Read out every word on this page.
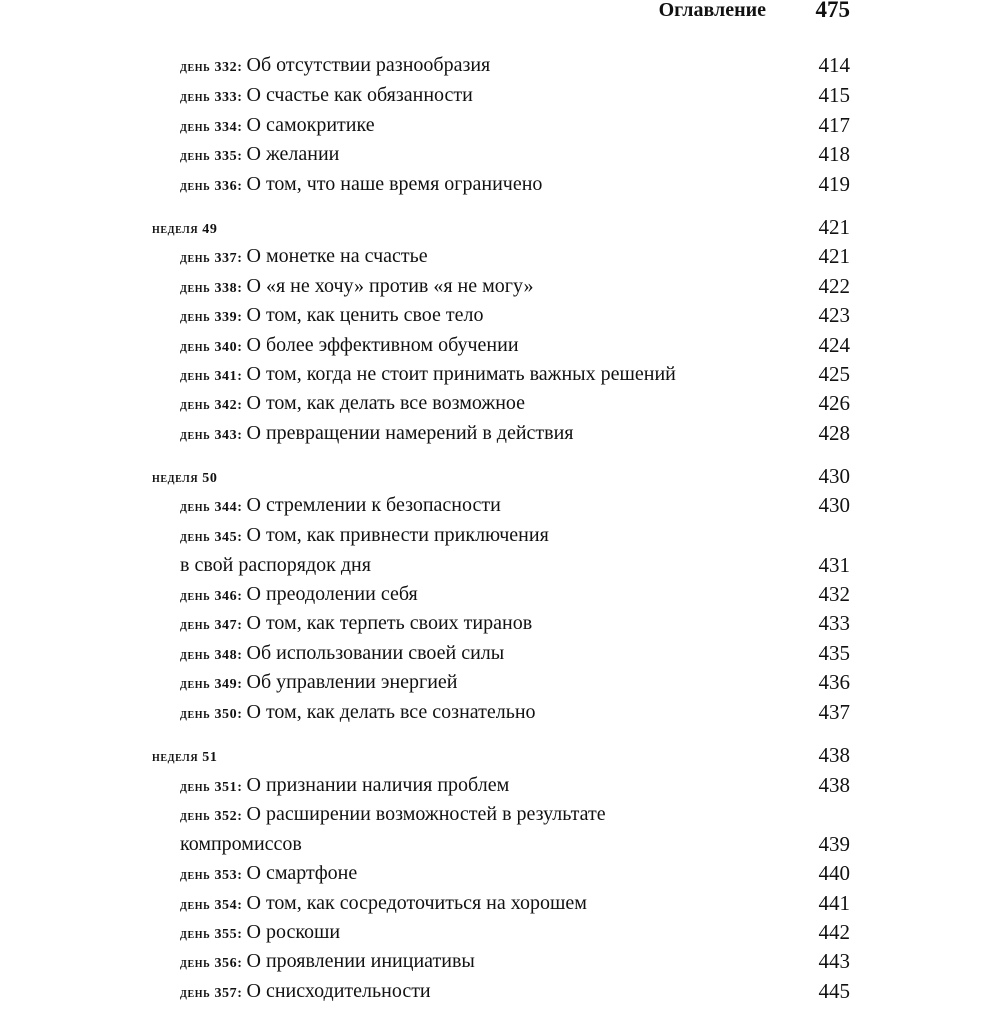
Оглавление 475
день 332: Об отсутствии разнообразия	414
день 333: О счастье как обязанности	415
день 334: О самокритике	417
день 335: О желании	418
день 336: О том, что наше время ограничено	419
неделя 49	421
день 337: О монетке на счастье	421
день 338: О «я не хочу» против «я не могу»	422
день 339: О том, как ценить свое тело	423
день 340: О более эффективном обучении	424
день 341: О том, когда не стоит принимать важных решений	425
день 342: О том, как делать все возможное	426
день 343: О превращении намерений в действия	428
неделя 50	430
день 344: О стремлении к безопасности	430
день 345: О том, как привнести приключения
в свой распорядок дня	431
день 346: О преодолении себя	432
день 347: О том, как терпеть своих тиранов	433
день 348: Об использовании своей силы	435
день 349: Об управлении энергией	436
день 350: О том, как делать все сознательно	437
неделя 51	438
день 351: О признании наличия проблем	438
день 352: О расширении возможностей в результате
компромиссов	439
день 353: О смартфоне	440
день 354: О том, как сосредоточиться на хорошем	441
день 355: О роскоши	442
день 356: О проявлении инициативы	443
день 357: О снисходительности	445
